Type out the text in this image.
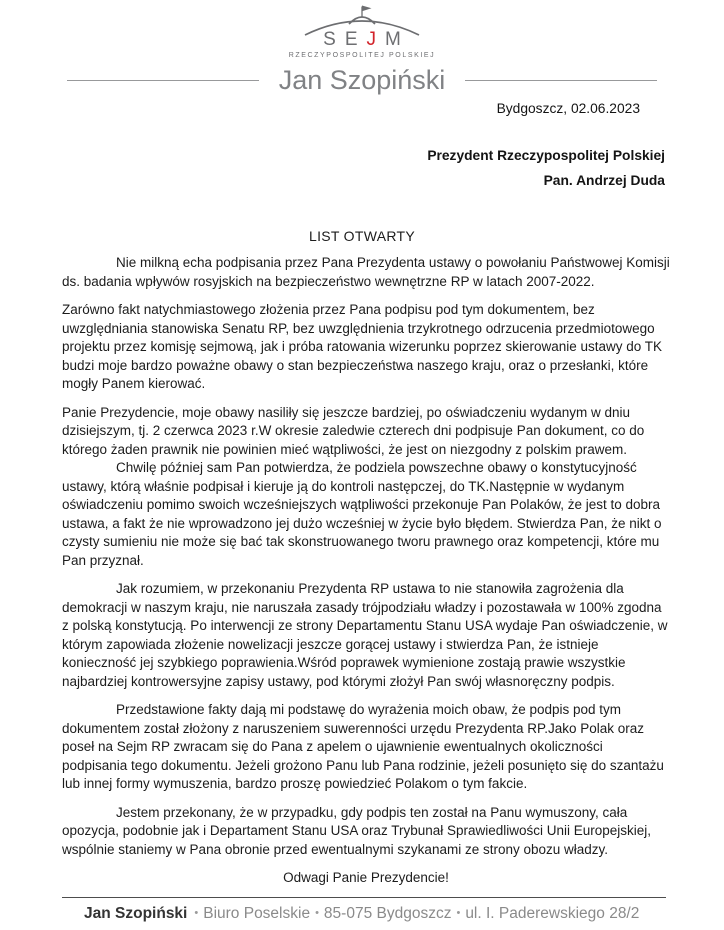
SEJM
RZECZYPOSPOLITEJ POLSKIEJ
Jan Szopiński
Bydgoszcz, 02.06.2023
Prezydent Rzeczypospolitej Polskiej
Pan. Andrzej Duda
LIST OTWARTY

Nie milkną echa podpisania przez Pana Prezydenta ustawy o powołaniu Państwowej Komisji ds. badania wpływów rosyjskich na bezpieczeństwo wewnętrzne RP w latach 2007-2022.

Zarówno fakt natychmiastowego złożenia przez Pana podpisu pod tym dokumentem, bez uwzględniania stanowiska Senatu RP, bez uwzględnienia trzykrotnego odrzucenia przedmiotowego projektu przez komisję sejmową, jak i próba ratowania wizerunku poprzez skierowanie ustawy do TK budzi moje bardzo poważne obawy o stan bezpieczeństwa naszego kraju, oraz o przesłanki, które mogły Panem kierować.

Panie Prezydencie, moje obawy nasiliły się jeszcze bardziej, po oświadczeniu wydanym w dniu dzisiejszym, tj. 2 czerwca 2023 r.W okresie zaledwie czterech dni podpisuje Pan dokument, co do którego żaden prawnik nie powinien mieć wątpliwości, że jest on niezgodny z polskim prawem.

Chwilę później sam Pan potwierdza, że podziela powszechne obawy o konstytucyjność ustawy, którą właśnie podpisał i kieruje ją do kontroli następczej, do TK.Następnie w wydanym oświadczeniu pomimo swoich wcześniejszych wątpliwości przekonuje Pan Polaków, że jest to dobra ustawa, a fakt że nie wprowadzono jej dużo wcześniej w życie było błędem. Stwierdza Pan, że nikt o czysty sumieniu nie może się bać tak skonstruowanego tworu prawnego oraz kompetencji, które mu Pan przyznał.

Jak rozumiem, w przekonaniu Prezydenta RP ustawa to nie stanowiła zagrożenia dla demokracji w naszym kraju, nie naruszała zasady trójpodziału władzy i pozostawała w 100% zgodna z polską konstytucją. Po interwencji ze strony Departamentu Stanu USA wydaje Pan oświadczenie, w którym zapowiada złożenie nowelizacji jeszcze gorącej ustawy i stwierdza Pan, że istnieje konieczność jej szybkiego poprawienia.Wśród poprawek wymienione zostają prawie wszystkie najbardziej kontrowersyjne zapisy ustawy, pod którymi złożył Pan swój własnoręczny podpis.

Przedstawione fakty dają mi podstawę do wyrażenia moich obaw, że podpis pod tym dokumentem został złożony z naruszeniem suwerenności urzędu Prezydenta RP.Jako Polak oraz poseł na Sejm RP zwracam się do Pana z apelem o ujawnienie ewentualnych okoliczności podpisania tego dokumentu. Jeżeli grożono Panu lub Pana rodzinie, jeżeli posunięto się do szantażu lub innej formy wymuszenia, bardzo proszę powiedzieć Polakom o tym fakcie.

Jestem przekonany, że w przypadku, gdy podpis ten został na Panu wymuszony, cała opozycja, podobnie jak i Departament Stanu USA oraz Trybunał Sprawiedliwości Unii Europejskiej, wspólnie staniemy w Pana obronie przed ewentualnymi szykanami ze strony obozu władzy.

Odwagi Panie Prezydencie!

Jan Szopiński • Biuro Poselskie • 85-075 Bydgoszcz • ul. I. Paderewskiego 28/2
